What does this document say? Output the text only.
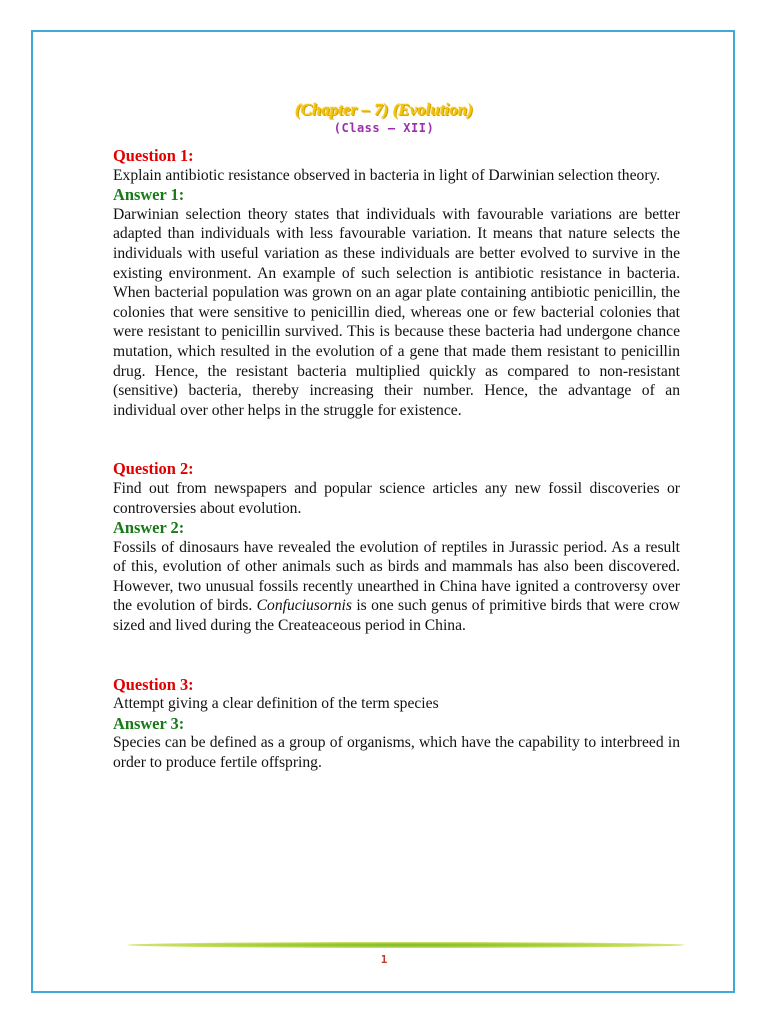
(Chapter – 7) (Evolution)
(Class – XII)

Question 1:

Explain antibiotic resistance observed in bacteria in light of Darwinian selection theory.

Answer 1:

Darwinian selection theory states that individuals with favourable variations are better adapted than individuals with less favourable variation. It means that nature selects the individuals with useful variation as these individuals are better evolved to survive in the existing environment. An example of such selection is antibiotic resistance in bacteria. When bacterial population was grown on an agar plate containing antibiotic penicillin, the colonies that were sensitive to penicillin died, whereas one or few bacterial colonies that were resistant to penicillin survived. This is because these bacteria had undergone chance mutation, which resulted in the evolution of a gene that made them resistant to penicillin drug. Hence, the resistant bacteria multiplied quickly as compared to non-resistant (sensitive) bacteria, thereby increasing their number. Hence, the advantage of an individual over other helps in the struggle for existence.

Question 2:

Find out from newspapers and popular science articles any new fossil discoveries or controversies about evolution.

Answer 2:

Fossils of dinosaurs have revealed the evolution of reptiles in Jurassic period. As a result of this, evolution of other animals such as birds and mammals has also been discovered. However, two unusual fossils recently unearthed in China have ignited a controversy over the evolution of birds. Confuciusornis is one such genus of primitive birds that were crow sized and lived during the Createaceous period in China.

Question 3:

Attempt giving a clear definition of the term species

Answer 3:

Species can be defined as a group of organisms, which have the capability to interbreed in order to produce fertile offspring.

1
